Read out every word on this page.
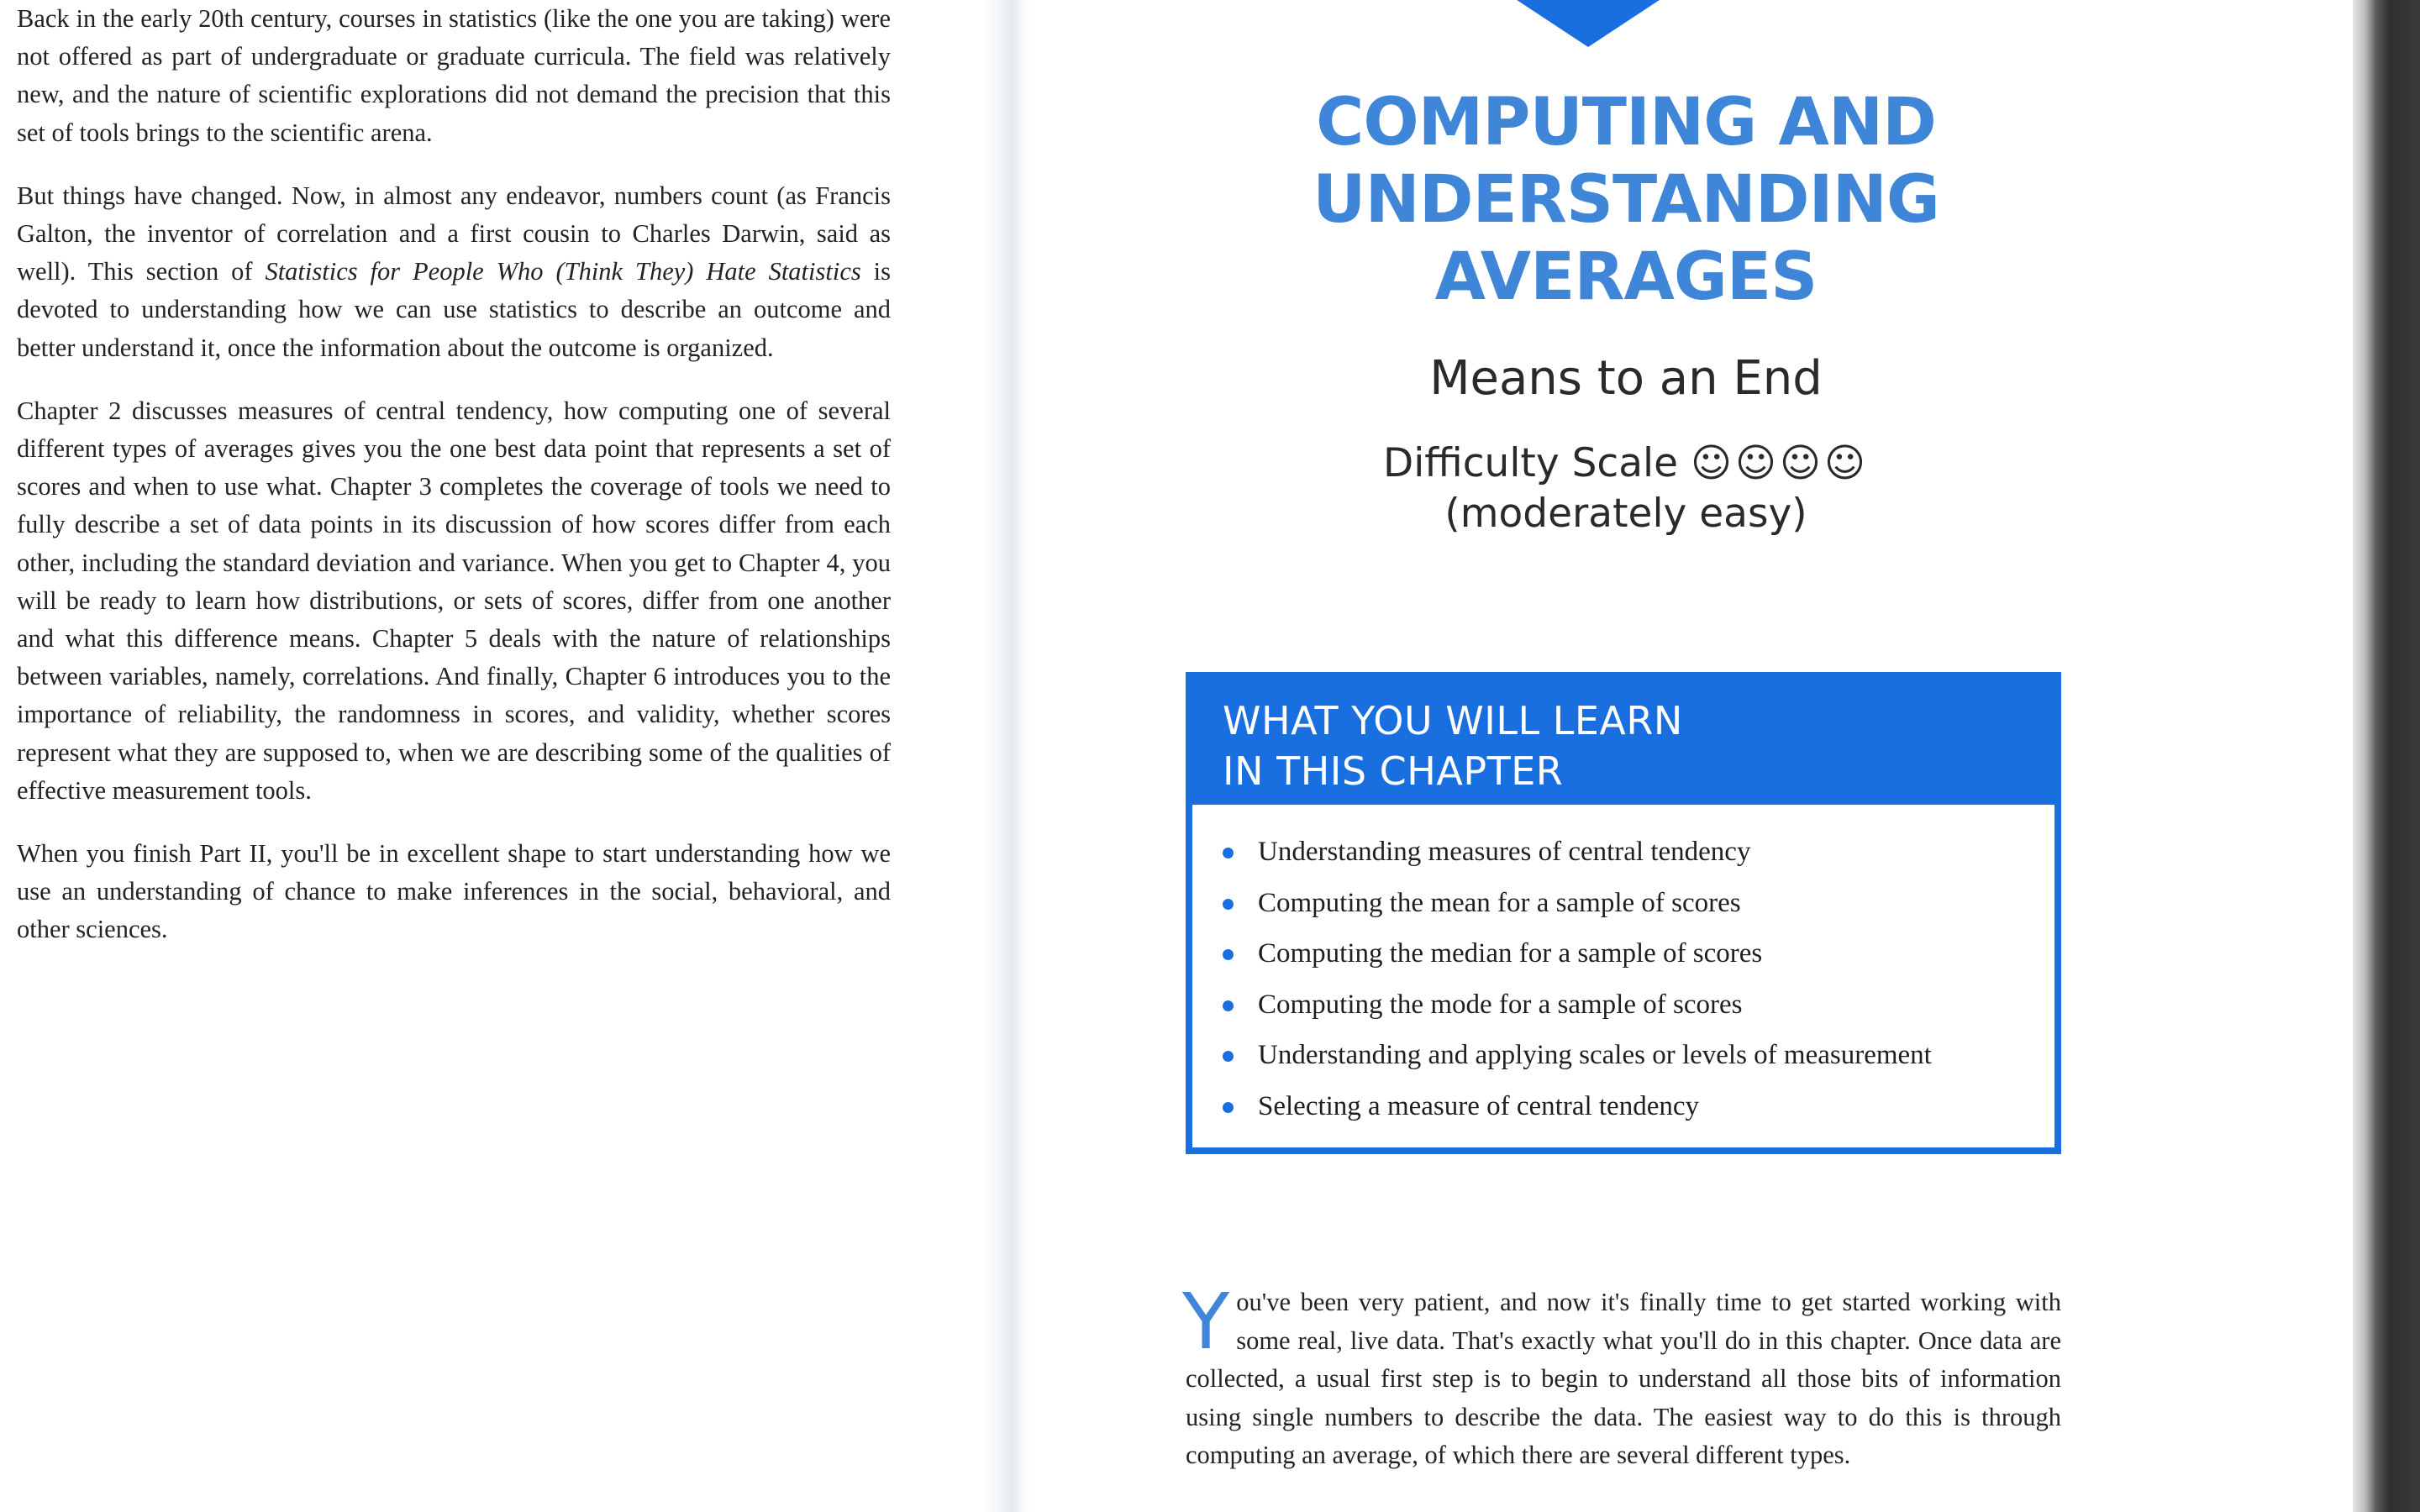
Back in the early 20th century, courses in statistics (like the one you are taking) were not offered as part of undergraduate or graduate curricula. The field was relatively new, and the nature of scientific explorations did not demand the precision that this set of tools brings to the scientific arena.

But things have changed. Now, in almost any endeavor, numbers count (as Francis Galton, the inventor of correlation and a first cousin to Charles Darwin, said as well). This section of Statistics for People Who (Think They) Hate Statistics is devoted to understanding how we can use statistics to describe an outcome and better understand it, once the information about the outcome is organized.

Chapter 2 discusses measures of central tendency, how computing one of several different types of averages gives you the one best data point that represents a set of scores and when to use what. Chapter 3 completes the coverage of tools we need to fully describe a set of data points in its discussion of how scores differ from each other, including the standard deviation and variance. When you get to Chapter 4, you will be ready to learn how distributions, or sets of scores, differ from one another and what this difference means. Chapter 5 deals with the nature of relationships between variables, namely, correlations. And finally, Chapter 6 introduces you to the importance of reliability, the randomness in scores, and validity, whether scores represent what they are supposed to, when we are describing some of the qualities of effective measurement tools.

When you finish Part II, you'll be in excellent shape to start understanding how we use an understanding of chance to make inferences in the social, behavioral, and other sciences.

COMPUTING AND
UNDERSTANDING
AVERAGES
Means to an End
Difficulty Scale ☺☺☺☺
(moderately easy)
WHAT YOU WILL LEARN
IN THIS CHAPTER
Understanding measures of central tendency
Computing the mean for a sample of scores
Computing the median for a sample of scores
Computing the mode for a sample of scores
Understanding and applying scales or levels of measurement
Selecting a measure of central tendency
You've been very patient, and now it's finally time to get started working with some real, live data. That's exactly what you'll do in this chapter. Once data are collected, a usual first step is to begin to understand all those bits of information using single numbers to describe the data. The easiest way to do this is through computing an average, of which there are several different types.
